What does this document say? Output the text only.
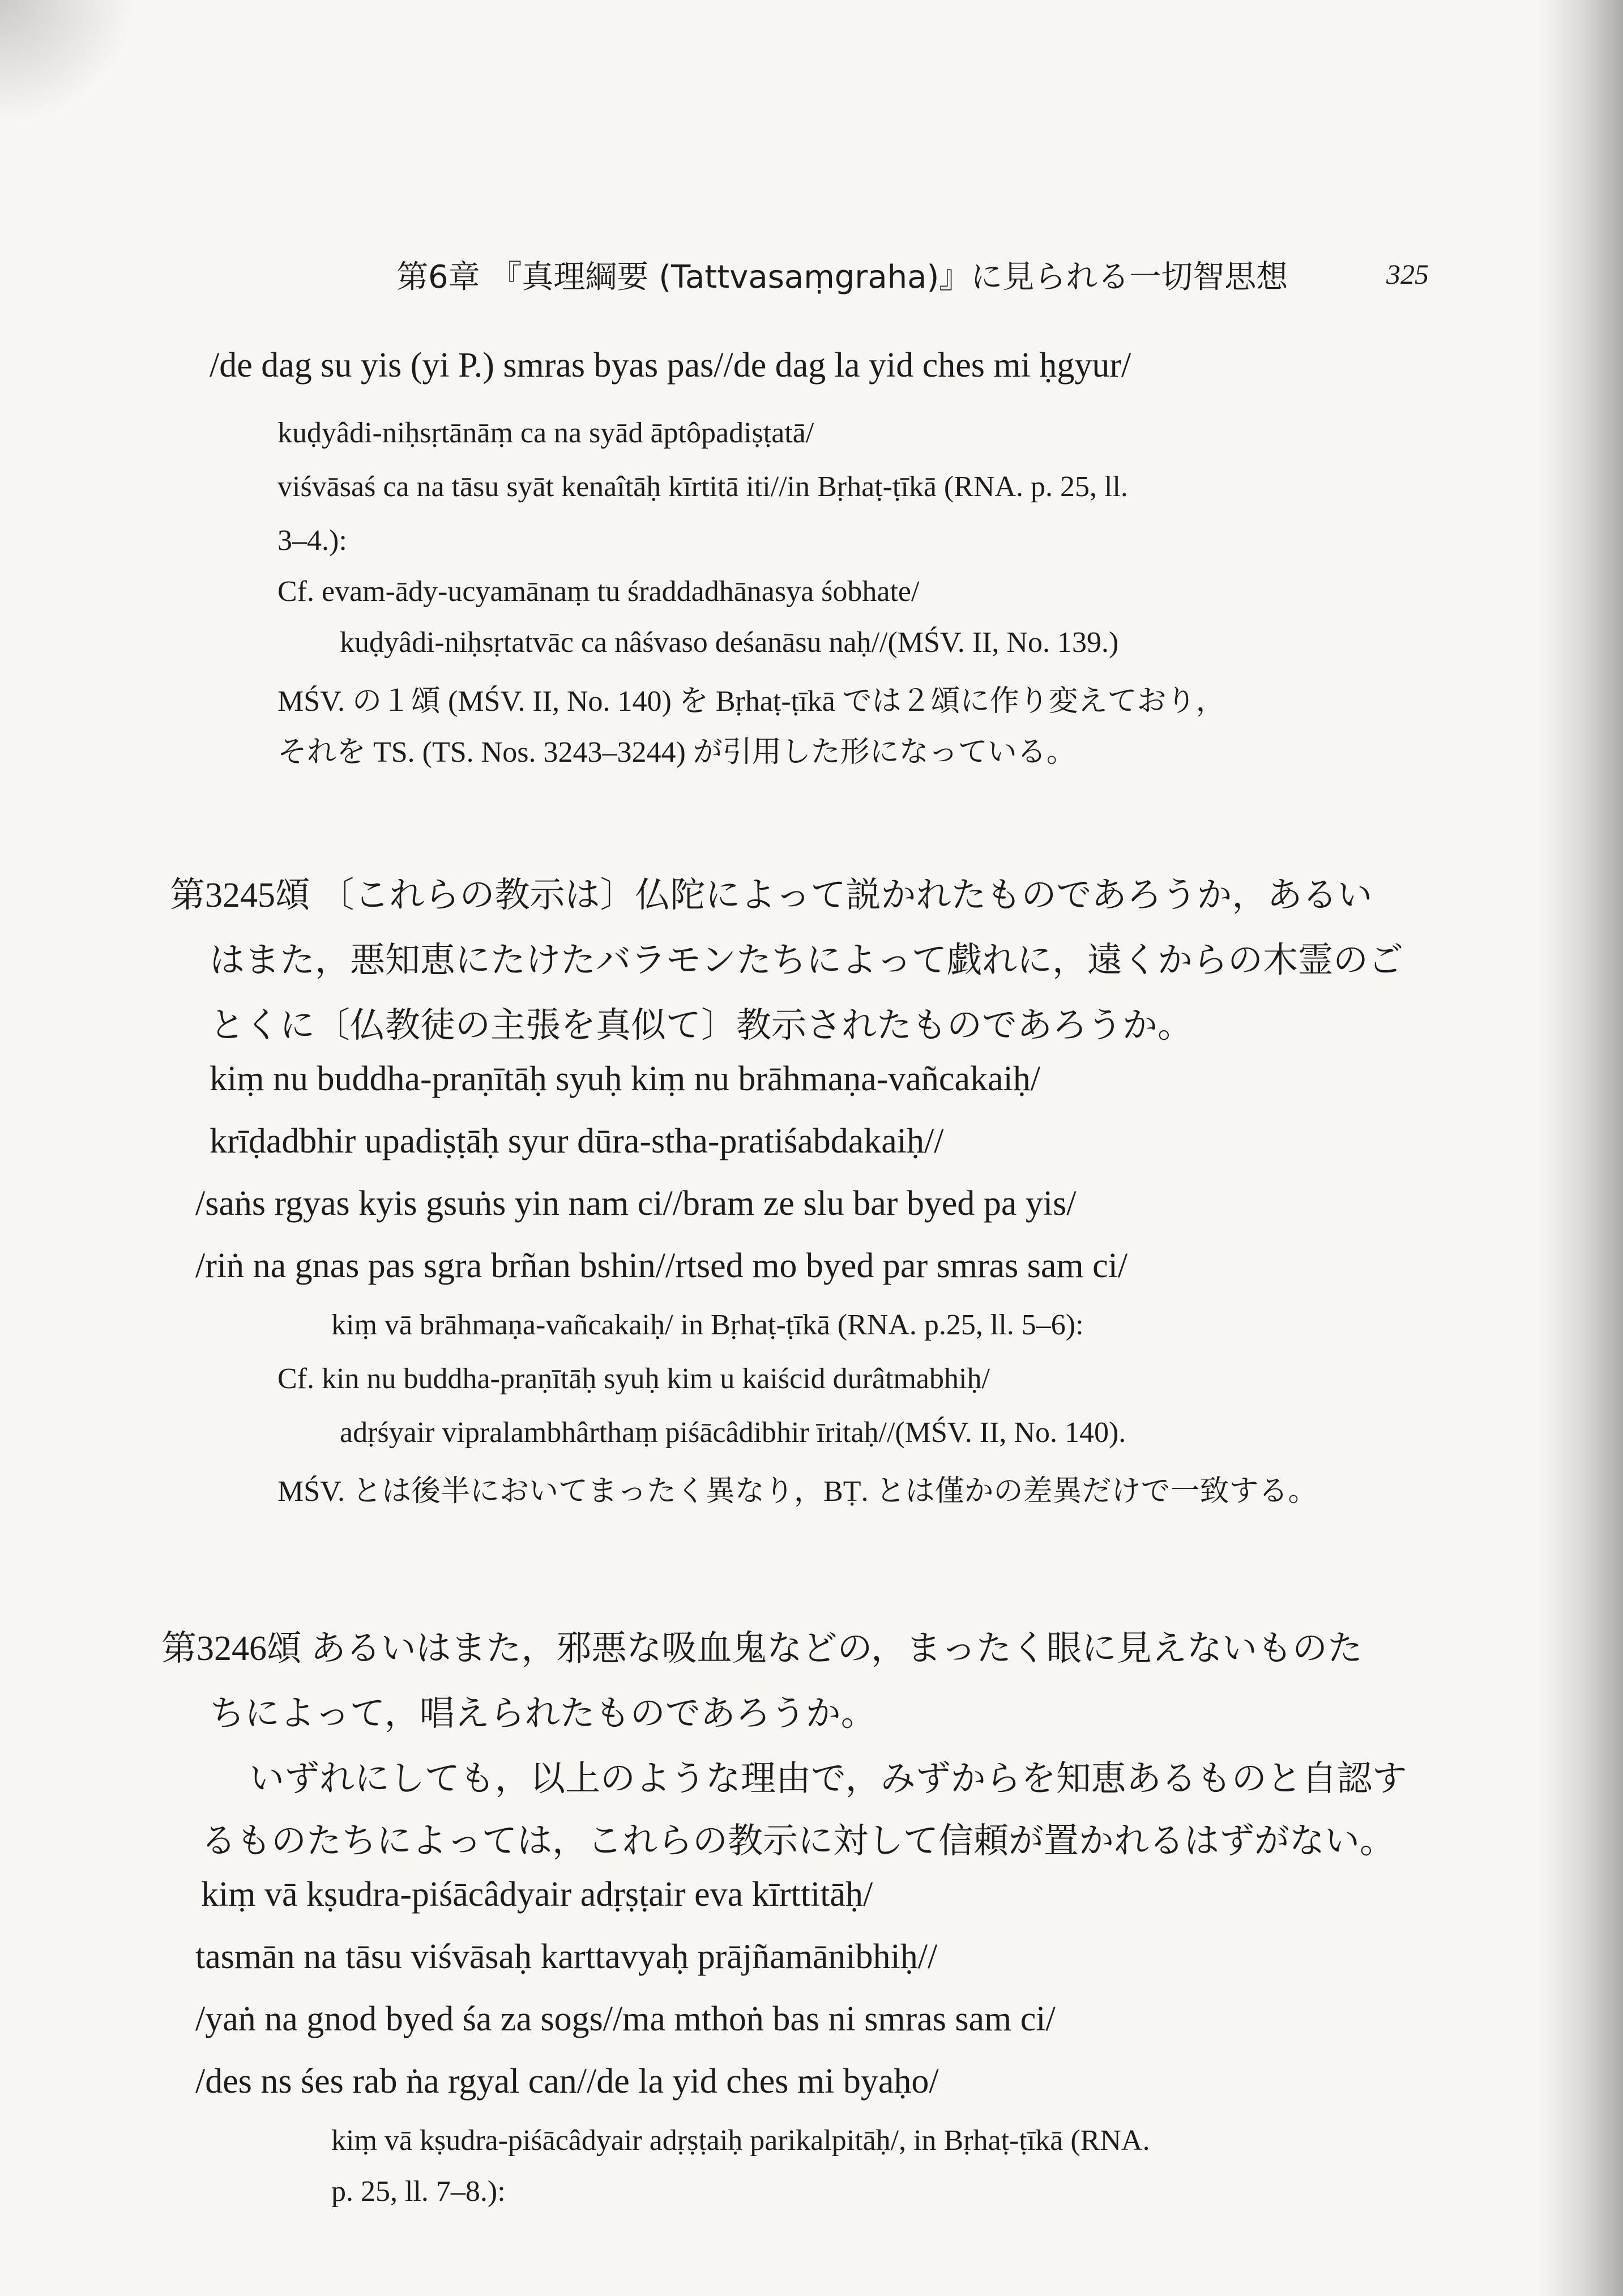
第6章 『真理綱要 (Tattvasaṃgraha)』に見られる一切智思想	325
/de dag su yis (yi P.) smras byas pas//de dag la yid ches mi ḥgyur/
kuḍyâdi-niḥsṛtānāṃ ca na syād āptôpadiṣṭatā/
viśvāsaś ca na tāsu syāt kenaîtāḥ kīrtitā iti//in Bṛhaṭ-ṭīkā (RNA. p. 25, ll.
3–4.):
Cf. evam-ādy-ucyamānaṃ tu śraddadhānasya śobhate/
kuḍyâdi-niḥsṛtatvāc ca nâśvaso deśanāsu naḥ//(MŚV. II, No. 139.)
MŚV. の１頌 (MŚV. II, No. 140) を Bṛhaṭ-ṭīkā では２頌に作り変えており，
それを TS. (TS. Nos. 3243–3244) が引用した形になっている。
第3245頌 〔これらの教示は〕仏陀によって説かれたものであろうか，あるい
はまた，悪知恵にたけたバラモンたちによって戯れに，遠くからの木霊のご
とくに〔仏教徒の主張を真似て〕教示されたものであろうか。
kiṃ nu buddha-praṇītāḥ syuḥ kiṃ nu brāhmaṇa-vañcakaiḥ/
krīḍadbhir upadiṣṭāḥ syur dūra-stha-pratiśabdakaiḥ//
/saṅs rgyas kyis gsuṅs yin nam ci//bram ze slu bar byed pa yis/
/riṅ na gnas pas sgra brñan bshin//rtsed mo byed par smras sam ci/
kiṃ vā brāhmaṇa-vañcakaiḥ/ in Bṛhaṭ-ṭīkā (RNA. p.25, ll. 5–6):
Cf. kin nu buddha-praṇītāḥ syuḥ kim u kaiścid durâtmabhiḥ/
adṛśyair vipralambhârthaṃ piśācâdibhir īritaḥ//(MŚV. II, No. 140).
MŚV. とは後半においてまったく異なり，BṬ. とは僅かの差異だけで一致する。
第3246頌 あるいはまた，邪悪な吸血鬼などの，まったく眼に見えないものた
ちによって，唱えられたものであろうか。
いずれにしても，以上のような理由で，みずからを知恵あるものと自認す
るものたちによっては，これらの教示に対して信頼が置かれるはずがない。
kiṃ vā kṣudra-piśācâdyair adṛṣṭair eva kīrttitāḥ/
tasmān na tāsu viśvāsaḥ karttavyaḥ prājñamānibhiḥ//
/yaṅ na gnod byed śa za sogs//ma mthoṅ bas ni smras sam ci/
/des ns śes rab ṅa rgyal can//de la yid ches mi byaḥo/
kiṃ vā kṣudra-piśācâdyair adṛṣṭaiḥ parikalpitāḥ/, in Bṛhaṭ-ṭīkā (RNA.
p. 25, ll. 7–8.):
